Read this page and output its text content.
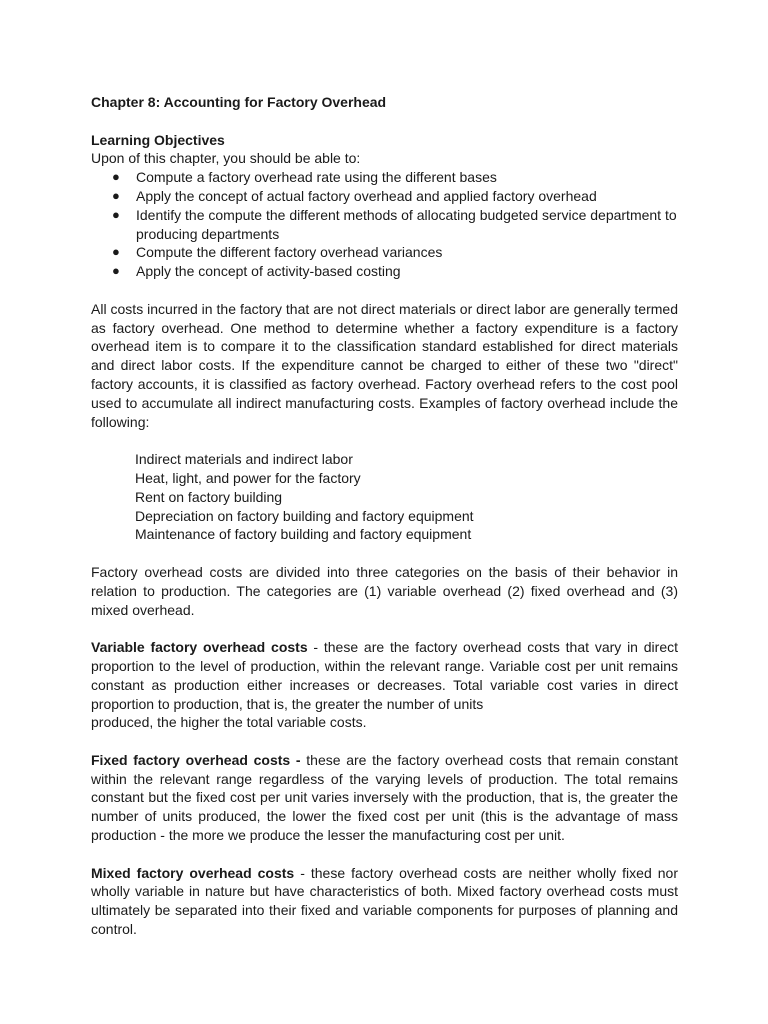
Chapter 8: Accounting for Factory Overhead
Learning Objectives
Upon of this chapter, you should be able to:
● Compute a factory overhead rate using the different bases
● Apply the concept of actual factory overhead and applied factory overhead
● Identify the compute the different methods of allocating budgeted service department to producing departments
● Compute the different factory overhead variances
● Apply the concept of activity-based costing

All costs incurred in the factory that are not direct materials or direct labor are generally termed as factory overhead. One method to determine whether a factory expenditure is a factory overhead item is to compare it to the classification standard established for direct materials and direct labor costs. If the expenditure cannot be charged to either of these two "direct" factory accounts, it is classified as factory overhead. Factory overhead refers to the cost pool used to accumulate all indirect manufacturing costs. Examples of factory overhead include the following:

Indirect materials and indirect labor
Heat, light, and power for the factory
Rent on factory building
Depreciation on factory building and factory equipment
Maintenance of factory building and factory equipment

Factory overhead costs are divided into three categories on the basis of their behavior in relation to production. The categories are (1) variable overhead (2) fixed overhead and (3) mixed overhead.

Variable factory overhead costs - these are the factory overhead costs that vary in direct proportion to the level of production, within the relevant range. Variable cost per unit remains constant as production either increases or decreases. Total variable cost varies in direct proportion to production, that is, the greater the number of units
produced, the higher the total variable costs.

Fixed factory overhead costs - these are the factory overhead costs that remain constant within the relevant range regardless of the varying levels of production. The total remains constant but the fixed cost per unit varies inversely with the production, that is, the greater the number of units produced, the lower the fixed cost per unit (this is the advantage of mass production - the more we produce the lesser the manufacturing cost per unit.

Mixed factory overhead costs - these factory overhead costs are neither wholly fixed nor wholly variable in nature but have characteristics of both. Mixed factory overhead costs must ultimately be separated into their fixed and variable components for purposes of planning and control.
